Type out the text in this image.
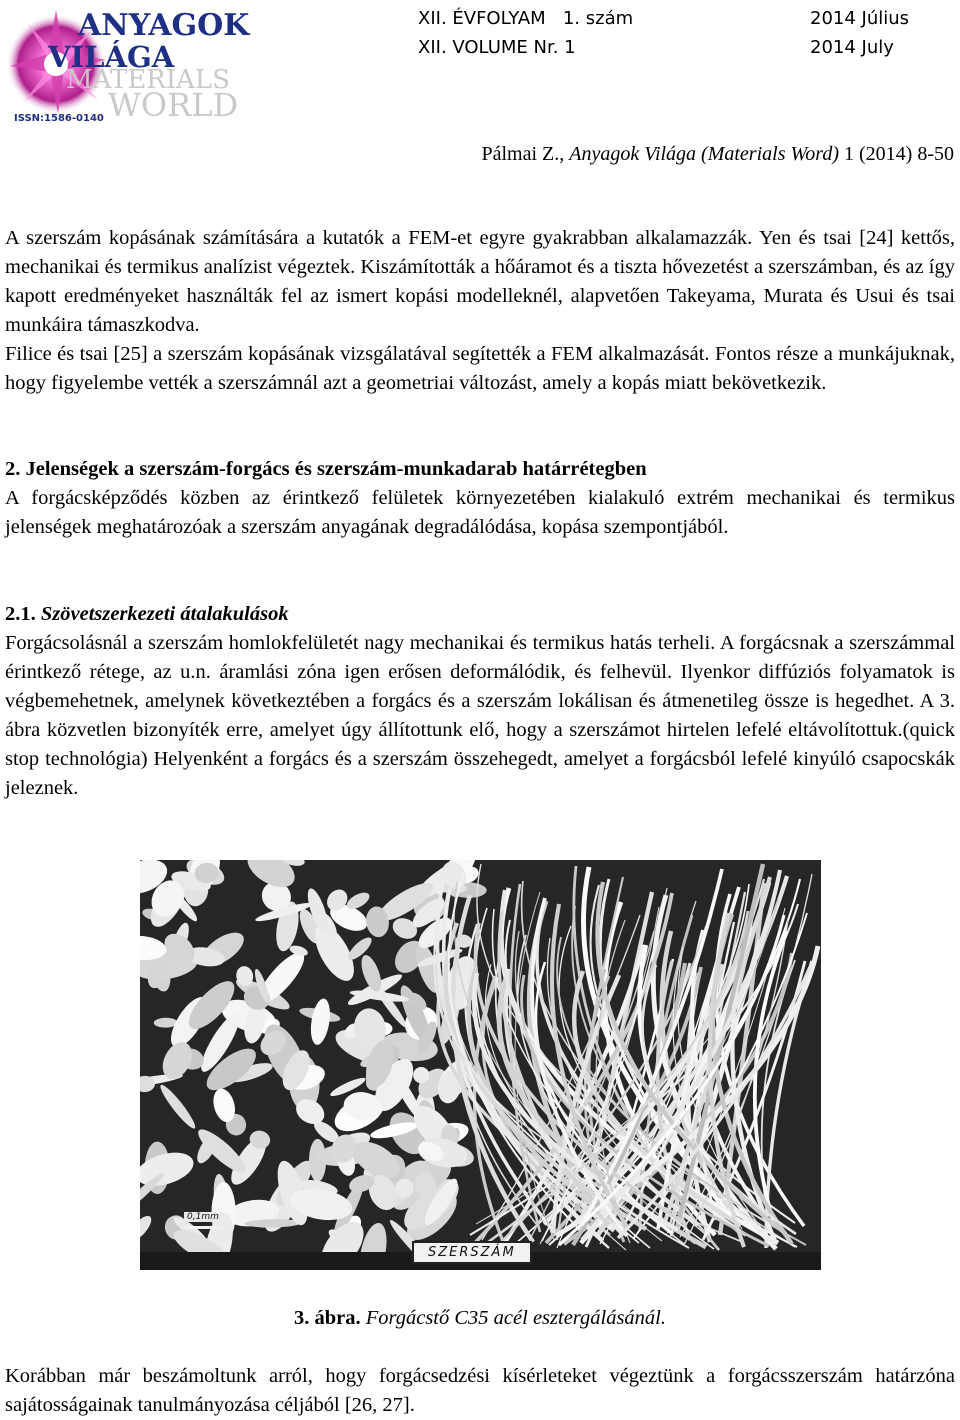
ANYAGOK
VILÁGA
MATERIALS
WORLD
ISSN:1586-0140
XII. ÉVFOLYAM   1. szám
XII. VOLUME Nr. 1
2014 Július
2014 July
Pálmai Z., Anyagok Világa (Materials Word) 1 (2014) 8-50

A szerszám kopásának számítására a kutatók a FEM-et egyre gyakrabban alkalamazzák. Yen és tsai [24] kettős, mechanikai és termikus analízist végeztek. Kiszámították a hőáramot és a tiszta hővezetést a szerszámban, és az így kapott eredményeket használták fel az ismert kopási modelleknél, alapvetően Takeyama, Murata és Usui és tsai munkáira támaszkodva.

Filice és tsai [25] a szerszám kopásának vizsgálatával segítették a FEM alkalmazását. Fontos része a munkájuknak, hogy figyelembe vették a szerszámnál azt a geometriai változást, amely a kopás miatt bekövetkezik.

2. Jelenségek a szerszám-forgács és szerszám-munkadarab határrétegben

A forgácsképződés közben az érintkező felületek környezetében kialakuló extrém mechanikai és termikus jelenségek meghatározóak a szerszám anyagának degradálódása, kopása szempontjából.

2.1. Szövetszerkezeti átalakulások

Forgácsolásnál a szerszám homlokfelületét nagy mechanikai és termikus hatás terheli. A forgácsnak a szerszámmal érintkező rétege, az u.n. áramlási zóna igen erősen deformálódik, és felhevül. Ilyenkor diffúziós folyamatok is végbemehetnek, amelynek következtében a forgács és a szerszám lokálisan és átmenetileg össze is hegedhet. A 3. ábra közvetlen bizonyíték erre, amelyet úgy állítottunk elő, hogy a szerszámot hirtelen lefelé eltávolítottuk.(quick stop technológia) Helyenként a forgács és a szerszám összehegedt, amelyet a forgácsból lefelé kinyúló csapocskák jeleznek.

0,1mm
SZERSZÁM
3. ábra. Forgácstő C35 acél esztergálásánál.

Korábban már beszámoltunk arról, hogy forgácsedzési kísérleteket végeztünk a forgácsszerszám határzóna sajátosságainak tanulmányozása céljából [26, 27].
